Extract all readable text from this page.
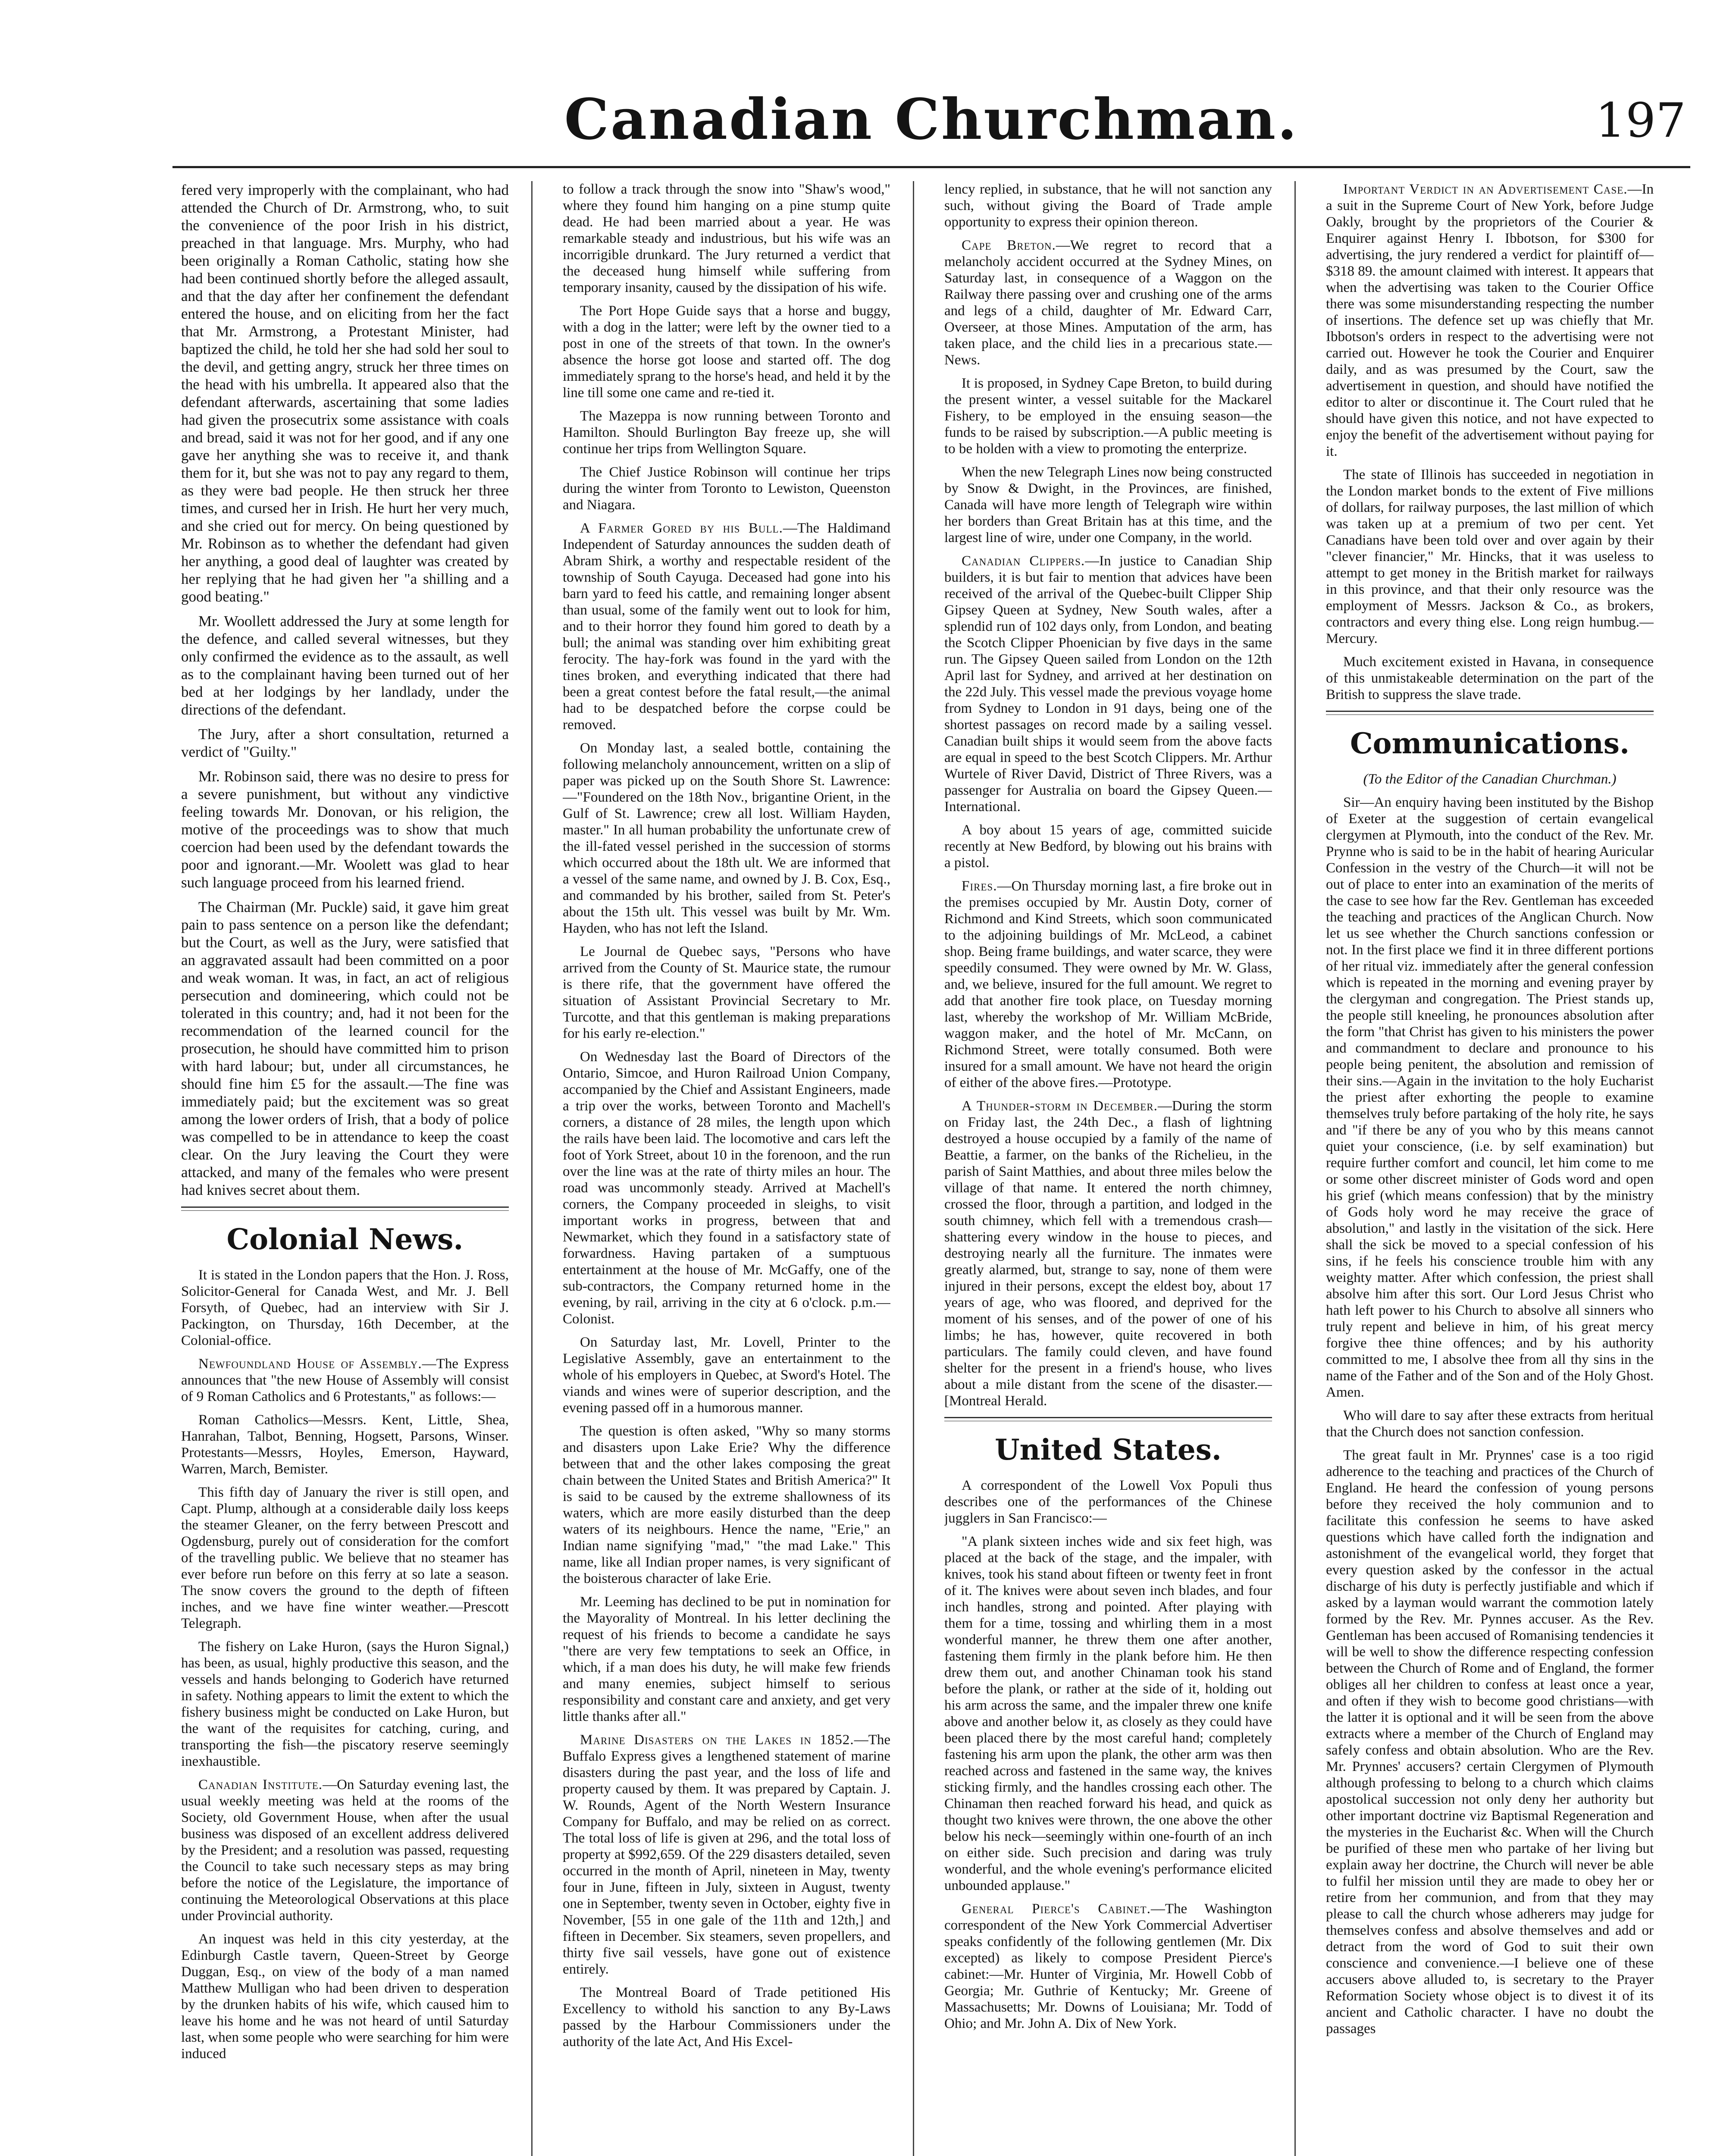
Canadian Churchman.	197

fered very improperly with the complainant, who had attended the Church of Dr. Armstrong, who, to suit the convenience of the poor Irish in his district, preached in that language. Mrs. Murphy, who had been originally a Roman Catholic, stating how she had been continued shortly before the alleged assault, and that the day after her confinement the defendant entered the house, and on eliciting from her the fact that Mr. Armstrong, a Protestant Minister, had baptized the child, he told her she had sold her soul to the devil, and getting angry, struck her three times on the head with his umbrella. It appeared also that the defendant afterwards, ascertaining that some ladies had given the prosecutrix some assistance with coals and bread, said it was not for her good, and if any one gave her anything she was to receive it, and thank them for it, but she was not to pay any regard to them, as they were bad people. He then struck her three times, and cursed her in Irish. He hurt her very much, and she cried out for mercy. On being questioned by Mr. Robinson as to whether the defendant had given her anything, a good deal of laughter was created by her replying that he had given her "a shilling and a good beating."

Mr. Woollett addressed the Jury at some length for the defence, and called several witnesses, but they only confirmed the evidence as to the assault, as well as to the complainant having been turned out of her bed at her lodgings by her landlady, under the directions of the defendant.

The Jury, after a short consultation, returned a verdict of "Guilty."

Mr. Robinson said, there was no desire to press for a severe punishment, but without any vindictive feeling towards Mr. Donovan, or his religion, the motive of the proceedings was to show that much coercion had been used by the defendant towards the poor and ignorant.—Mr. Woolett was glad to hear such language proceed from his learned friend.

The Chairman (Mr. Puckle) said, it gave him great pain to pass sentence on a person like the defendant; but the Court, as well as the Jury, were satisfied that an aggravated assault had been committed on a poor and weak woman. It was, in fact, an act of religious persecution and domineering, which could not be tolerated in this country; and, had it not been for the recommendation of the learned council for the prosecution, he should have committed him to prison with hard labour; but, under all circumstances, he should fine him £5 for the assault.—The fine was immediately paid; but the excitement was so great among the lower orders of Irish, that a body of police was compelled to be in attendance to keep the coast clear. On the Jury leaving the Court they were attacked, and many of the females who were present had knives secret about them.

Colonial News.

It is stated in the London papers that the Hon. J. Ross, Solicitor-General for Canada West, and Mr. J. Bell Forsyth, of Quebec, had an interview with Sir J. Packington, on Thursday, 16th December, at the Colonial-office.

Newfoundland House of Assembly.—The Express announces that "the new House of Assembly will consist of 9 Roman Catholics and 6 Protestants," as follows:—

Roman Catholics—Messrs. Kent, Little, Shea, Hanrahan, Talbot, Benning, Hogsett, Parsons, Winser. Protestants—Messrs, Hoyles, Emerson, Hayward, Warren, March, Bemister.

This fifth day of January the river is still open, and Capt. Plump, although at a considerable daily loss keeps the steamer Gleaner, on the ferry between Prescott and Ogdensburg, purely out of consideration for the comfort of the travelling public. We believe that no steamer has ever before run before on this ferry at so late a season. The snow covers the ground to the depth of fifteen inches, and we have fine winter weather.—Prescott Telegraph.

The fishery on Lake Huron, (says the Huron Signal,) has been, as usual, highly productive this season, and the vessels and hands belonging to Goderich have returned in safety. Nothing appears to limit the extent to which the fishery business might be conducted on Lake Huron, but the want of the requisites for catching, curing, and transporting the fish—the piscatory reserve seemingly inexhaustible.

Canadian Institute.—On Saturday evening last, the usual weekly meeting was held at the rooms of the Society, old Government House, when after the usual business was disposed of an excellent address delivered by the President; and a resolution was passed, requesting the Council to take such necessary steps as may bring before the notice of the Legislature, the importance of continuing the Meteorological Observations at this place under Provincial authority.

An inquest was held in this city yesterday, at the Edinburgh Castle tavern, Queen-Street by George Duggan, Esq., on view of the body of a man named Matthew Mulligan who had been driven to desperation by the drunken habits of his wife, which caused him to leave his home and he was not heard of until Saturday last, when some people who were searching for him were induced

to follow a track through the snow into "Shaw's wood," where they found him hanging on a pine stump quite dead. He had been married about a year. He was remarkable steady and industrious, but his wife was an incorrigible drunkard. The Jury returned a verdict that the deceased hung himself while suffering from temporary insanity, caused by the dissipation of his wife.

The Port Hope Guide says that a horse and buggy, with a dog in the latter; were left by the owner tied to a post in one of the streets of that town. In the owner's absence the horse got loose and started off. The dog immediately sprang to the horse's head, and held it by the line till some one came and re-tied it.

The Mazeppa is now running between Toronto and Hamilton. Should Burlington Bay freeze up, she will continue her trips from Wellington Square.

The Chief Justice Robinson will continue her trips during the winter from Toronto to Lewiston, Queenston and Niagara.

A Farmer Gored by his Bull.—The Haldimand Independent of Saturday announces the sudden death of Abram Shirk, a worthy and respectable resident of the township of South Cayuga. Deceased had gone into his barn yard to feed his cattle, and remaining longer absent than usual, some of the family went out to look for him, and to their horror they found him gored to death by a bull; the animal was standing over him exhibiting great ferocity. The hay-fork was found in the yard with the tines broken, and everything indicated that there had been a great contest before the fatal result,—the animal had to be despatched before the corpse could be removed.

On Monday last, a sealed bottle, containing the following melancholy announcement, written on a slip of paper was picked up on the South Shore St. Lawrence:—"Foundered on the 18th Nov., brigantine Orient, in the Gulf of St. Lawrence; crew all lost. William Hayden, master." In all human probability the unfortunate crew of the ill-fated vessel perished in the succession of storms which occurred about the 18th ult. We are informed that a vessel of the same name, and owned by J. B. Cox, Esq., and commanded by his brother, sailed from St. Peter's about the 15th ult. This vessel was built by Mr. Wm. Hayden, who has not left the Island.

Le Journal de Quebec says, "Persons who have arrived from the County of St. Maurice state, the rumour is there rife, that the government have offered the situation of Assistant Provincial Secretary to Mr. Turcotte, and that this gentleman is making preparations for his early re-election."

On Wednesday last the Board of Directors of the Ontario, Simcoe, and Huron Railroad Union Company, accompanied by the Chief and Assistant Engineers, made a trip over the works, between Toronto and Machell's corners, a distance of 28 miles, the length upon which the rails have been laid. The locomotive and cars left the foot of York Street, about 10 in the forenoon, and the run over the line was at the rate of thirty miles an hour. The road was uncommonly steady. Arrived at Machell's corners, the Company proceeded in sleighs, to visit important works in progress, between that and Newmarket, which they found in a satisfactory state of forwardness. Having partaken of a sumptuous entertainment at the house of Mr. McGaffy, one of the sub-contractors, the Company returned home in the evening, by rail, arriving in the city at 6 o'clock. p.m.—Colonist.

On Saturday last, Mr. Lovell, Printer to the Legislative Assembly, gave an entertainment to the whole of his employers in Quebec, at Sword's Hotel. The viands and wines were of superior description, and the evening passed off in a humorous manner.

The question is often asked, "Why so many storms and disasters upon Lake Erie? Why the difference between that and the other lakes composing the great chain between the United States and British America?" It is said to be caused by the extreme shallowness of its waters, which are more easily disturbed than the deep waters of its neighbours. Hence the name, "Erie," an Indian name signifying "mad," "the mad Lake." This name, like all Indian proper names, is very significant of the boisterous character of lake Erie.

Mr. Leeming has declined to be put in nomination for the Mayorality of Montreal. In his letter declining the request of his friends to become a candidate he says "there are very few temptations to seek an Office, in which, if a man does his duty, he will make few friends and many enemies, subject himself to serious responsibility and constant care and anxiety, and get very little thanks after all."

Marine Disasters on the Lakes in 1852.—The Buffalo Express gives a lengthened statement of marine disasters during the past year, and the loss of life and property caused by them. It was prepared by Captain. J. W. Rounds, Agent of the North Western Insurance Company for Buffalo, and may be relied on as correct. The total loss of life is given at 296, and the total loss of property at $992,659. Of the 229 disasters detailed, seven occurred in the month of April, nineteen in May, twenty four in June, fifteen in July, sixteen in August, twenty one in September, twenty seven in October, eighty five in November, [55 in one gale of the 11th and 12th,] and fifteen in December. Six steamers, seven propellers, and thirty five sail vessels, have gone out of existence entirely.

The Montreal Board of Trade petitioned His Excellency to withold his sanction to any By-Laws passed by the Harbour Commissioners under the authority of the late Act, And His Excel-

lency replied, in substance, that he will not sanction any such, without giving the Board of Trade ample opportunity to express their opinion thereon.

Cape Breton.—We regret to record that a melancholy accident occurred at the Sydney Mines, on Saturday last, in consequence of a Waggon on the Railway there passing over and crushing one of the arms and legs of a child, daughter of Mr. Edward Carr, Overseer, at those Mines. Amputation of the arm, has taken place, and the child lies in a precarious state.—News.

It is proposed, in Sydney Cape Breton, to build during the present winter, a vessel suitable for the Mackarel Fishery, to be employed in the ensuing season—the funds to be raised by subscription.—A public meeting is to be holden with a view to promoting the enterprize.

When the new Telegraph Lines now being constructed by Snow & Dwight, in the Provinces, are finished, Canada will have more length of Telegraph wire within her borders than Great Britain has at this time, and the largest line of wire, under one Company, in the world.

Canadian Clippers.—In justice to Canadian Ship builders, it is but fair to mention that advices have been received of the arrival of the Quebec-built Clipper Ship Gipsey Queen at Sydney, New South wales, after a splendid run of 102 days only, from London, and beating the Scotch Clipper Phoenician by five days in the same run. The Gipsey Queen sailed from London on the 12th April last for Sydney, and arrived at her destination on the 22d July. This vessel made the previous voyage home from Sydney to London in 91 days, being one of the shortest passages on record made by a sailing vessel. Canadian built ships it would seem from the above facts are equal in speed to the best Scotch Clippers. Mr. Arthur Wurtele of River David, District of Three Rivers, was a passenger for Australia on board the Gipsey Queen.—International.

A boy about 15 years of age, committed suicide recently at New Bedford, by blowing out his brains with a pistol.

Fires.—On Thursday morning last, a fire broke out in the premises occupied by Mr. Austin Doty, corner of Richmond and Kind Streets, which soon communicated to the adjoining buildings of Mr. McLeod, a cabinet shop. Being frame buildings, and water scarce, they were speedily consumed. They were owned by Mr. W. Glass, and, we believe, insured for the full amount. We regret to add that another fire took place, on Tuesday morning last, whereby the workshop of Mr. William McBride, waggon maker, and the hotel of Mr. McCann, on Richmond Street, were totally consumed. Both were insured for a small amount. We have not heard the origin of either of the above fires.—Prototype.

A Thunder-storm in December.—During the storm on Friday last, the 24th Dec., a flash of lightning destroyed a house occupied by a family of the name of Beattie, a farmer, on the banks of the Richelieu, in the parish of Saint Matthies, and about three miles below the village of that name. It entered the north chimney, crossed the floor, through a partition, and lodged in the south chimney, which fell with a tremendous crash—shattering every window in the house to pieces, and destroying nearly all the furniture. The inmates were greatly alarmed, but, strange to say, none of them were injured in their persons, except the eldest boy, about 17 years of age, who was floored, and deprived for the moment of his senses, and of the power of one of his limbs; he has, however, quite recovered in both particulars. The family could cleven, and have found shelter for the present in a friend's house, who lives about a mile distant from the scene of the disaster.—[Montreal Herald.

United States.

A correspondent of the Lowell Vox Populi thus describes one of the performances of the Chinese jugglers in San Francisco:—

"A plank sixteen inches wide and six feet high, was placed at the back of the stage, and the impaler, with knives, took his stand about fifteen or twenty feet in front of it. The knives were about seven inch blades, and four inch handles, strong and pointed. After playing with them for a time, tossing and whirling them in a most wonderful manner, he threw them one after another, fastening them firmly in the plank before him. He then drew them out, and another Chinaman took his stand before the plank, or rather at the side of it, holding out his arm across the same, and the impaler threw one knife above and another below it, as closely as they could have been placed there by the most careful hand; completely fastening his arm upon the plank, the other arm was then reached across and fastened in the same way, the knives sticking firmly, and the handles crossing each other. The Chinaman then reached forward his head, and quick as thought two knives were thrown, the one above the other below his neck—seemingly within one-fourth of an inch on either side. Such precision and daring was truly wonderful, and the whole evening's performance elicited unbounded applause."

General Pierce's Cabinet.—The Washington correspondent of the New York Commercial Advertiser speaks confidently of the following gentlemen (Mr. Dix excepted) as likely to compose President Pierce's cabinet:—Mr. Hunter of Virginia, Mr. Howell Cobb of Georgia; Mr. Guthrie of Kentucky; Mr. Greene of Massachusetts; Mr. Downs of Louisiana; Mr. Todd of Ohio; and Mr. John A. Dix of New York.

Important Verdict in an Advertisement Case.—In a suit in the Supreme Court of New York, before Judge Oakly, brought by the proprietors of the Courier & Enquirer against Henry I. Ibbotson, for $300 for advertising, the jury rendered a verdict for plaintiff of—$318 89. the amount claimed with interest. It appears that when the advertising was taken to the Courier Office there was some misunderstanding respecting the number of insertions. The defence set up was chiefly that Mr. Ibbotson's orders in respect to the advertising were not carried out. However he took the Courier and Enquirer daily, and as was presumed by the Court, saw the advertisement in question, and should have notified the editor to alter or discontinue it. The Court ruled that he should have given this notice, and not have expected to enjoy the benefit of the advertisement without paying for it.

The state of Illinois has succeeded in negotiation in the London market bonds to the extent of Five millions of dollars, for railway purposes, the last million of which was taken up at a premium of two per cent. Yet Canadians have been told over and over again by their "clever financier," Mr. Hincks, that it was useless to attempt to get money in the British market for railways in this province, and that their only resource was the employment of Messrs. Jackson & Co., as brokers, contractors and every thing else. Long reign humbug.—Mercury.

Much excitement existed in Havana, in consequence of this unmistakeable determination on the part of the British to suppress the slave trade.

Communications.

(To the Editor of the Canadian Churchman.)

Sir—An enquiry having been instituted by the Bishop of Exeter at the suggestion of certain evangelical clergymen at Plymouth, into the conduct of the Rev. Mr. Prynne who is said to be in the habit of hearing Auricular Confession in the vestry of the Church—it will not be out of place to enter into an examination of the merits of the case to see how far the Rev. Gentleman has exceeded the teaching and practices of the Anglican Church. Now let us see whether the Church sanctions confession or not. In the first place we find it in three different portions of her ritual viz. immediately after the general confession which is repeated in the morning and evening prayer by the clergyman and congregation. The Priest stands up, the people still kneeling, he pronounces absolution after the form "that Christ has given to his ministers the power and commandment to declare and pronounce to his people being penitent, the absolution and remission of their sins.—Again in the invitation to the holy Eucharist the priest after exhorting the people to examine themselves truly before partaking of the holy rite, he says and "if there be any of you who by this means cannot quiet your conscience, (i.e. by self examination) but require further comfort and council, let him come to me or some other discreet minister of Gods word and open his grief (which means confession) that by the ministry of Gods holy word he may receive the grace of absolution," and lastly in the visitation of the sick. Here shall the sick be moved to a special confession of his sins, if he feels his conscience trouble him with any weighty matter. After which confession, the priest shall absolve him after this sort. Our Lord Jesus Christ who hath left power to his Church to absolve all sinners who truly repent and believe in him, of his great mercy forgive thee thine offences; and by his authority committed to me, I absolve thee from all thy sins in the name of the Father and of the Son and of the Holy Ghost. Amen.

Who will dare to say after these extracts from heritual that the Church does not sanction confession.

The great fault in Mr. Prynnes' case is a too rigid adherence to the teaching and practices of the Church of England. He heard the confession of young persons before they received the holy communion and to facilitate this confession he seems to have asked questions which have called forth the indignation and astonishment of the evangelical world, they forget that every question asked by the confessor in the actual discharge of his duty is perfectly justifiable and which if asked by a layman would warrant the commotion lately formed by the Rev. Mr. Pynnes accuser. As the Rev. Gentleman has been accused of Romanising tendencies it will be well to show the difference respecting confession between the Church of Rome and of England, the former obliges all her children to confess at least once a year, and often if they wish to become good christians—with the latter it is optional and it will be seen from the above extracts where a member of the Church of England may safely confess and obtain absolution. Who are the Rev. Mr. Prynnes' accusers? certain Clergymen of Plymouth although professing to belong to a church which claims apostolical succession not only deny her authority but other important doctrine viz Baptismal Regeneration and the mysteries in the Eucharist &c. When will the Church be purified of these men who partake of her living but explain away her doctrine, the Church will never be able to fulfil her mission until they are made to obey her or retire from her communion, and from that they may please to call the church whose adherers may judge for themselves confess and absolve themselves and add or detract from the word of God to suit their own conscience and convenience.—I believe one of these accusers above alluded to, is secretary to the Prayer Reformation Society whose object is to divest it of its ancient and Catholic character. I have no doubt the passages
